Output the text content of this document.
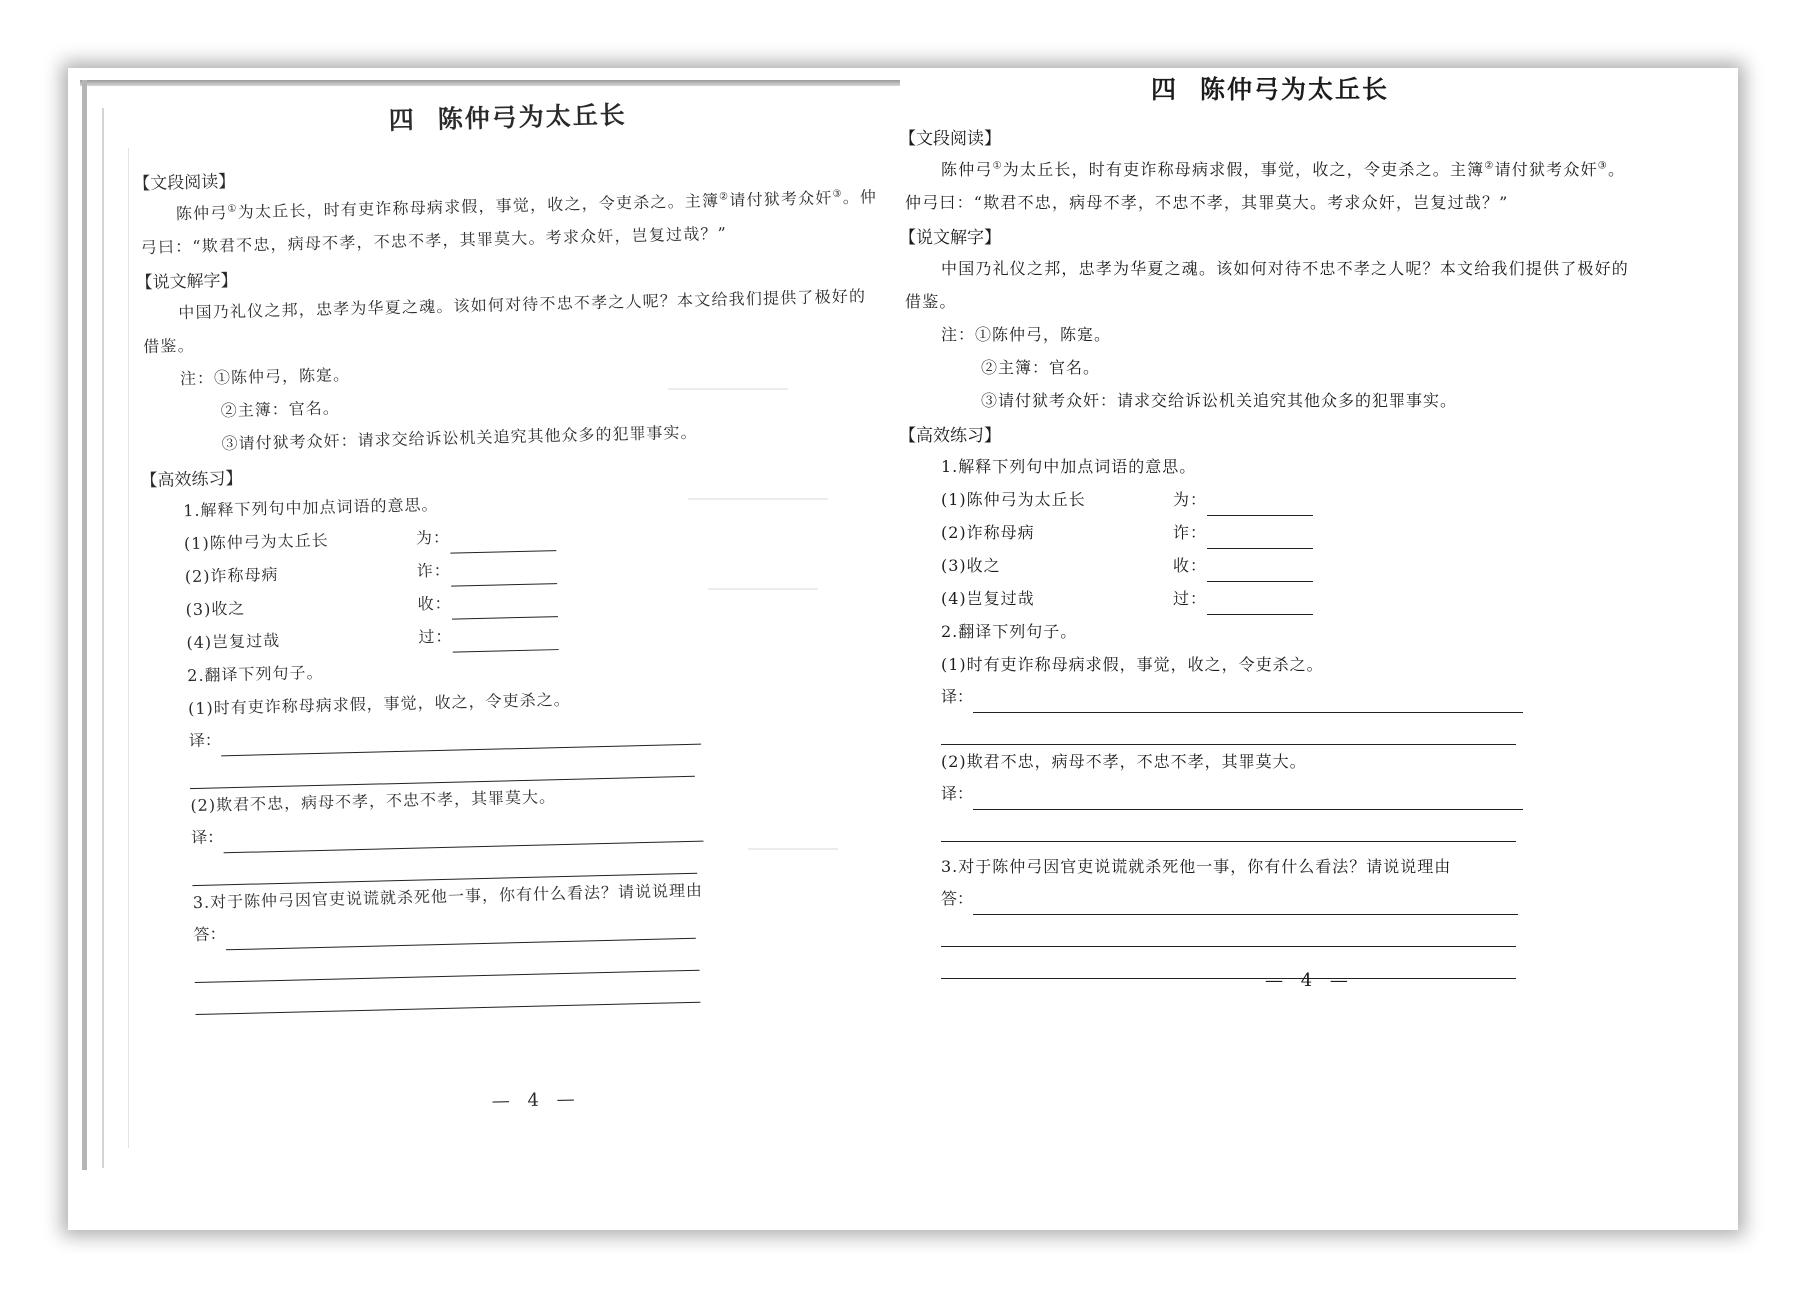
四 陈仲弓为太丘长
【文段阅读】

陈仲弓①为太丘长，时有吏诈称母病求假，事觉，收之，令吏杀之。主簿②请付狱考众奸③。仲弓曰：“欺君不忠，病母不孝，不忠不孝，其罪莫大。考求众奸，岂复过哉？”

【说文解字】

中国乃礼仪之邦，忠孝为华夏之魂。该如何对待不忠不孝之人呢？本文给我们提供了极好的借鉴。

注：①陈仲弓，陈寔。
②主簿：官名。
③请付狱考众奸：请求交给诉讼机关追究其他众多的犯罪事实。
【高效练习】
1.解释下列句中加点词语的意思。
(1)陈仲弓为太丘长	为：
(2)诈称母病	诈：
(3)收之	收：
(4)岂复过哉	过：
2.翻译下列句子。
(1)时有吏诈称母病求假，事觉，收之，令吏杀之。
译：
(2)欺君不忠，病母不孝，不忠不孝，其罪莫大。
译：
3.对于陈仲弓因官吏说谎就杀死他一事，你有什么看法？请说说理由
答：
— 4 —
四 陈仲弓为太丘长
【文段阅读】

陈仲弓①为太丘长，时有吏诈称母病求假，事觉，收之，令吏杀之。主簿②请付狱考众奸③。仲弓曰：“欺君不忠，病母不孝，不忠不孝，其罪莫大。考求众奸，岂复过哉？”

【说文解字】

中国乃礼仪之邦，忠孝为华夏之魂。该如何对待不忠不孝之人呢？本文给我们提供了极好的借鉴。

注：①陈仲弓，陈寔。
②主簿：官名。
③请付狱考众奸：请求交给诉讼机关追究其他众多的犯罪事实。
【高效练习】
1.解释下列句中加点词语的意思。
(1)陈仲弓为太丘长	为：
(2)诈称母病	诈：
(3)收之	收：
(4)岂复过哉	过：
2.翻译下列句子。
(1)时有吏诈称母病求假，事觉，收之，令吏杀之。
译：
(2)欺君不忠，病母不孝，不忠不孝，其罪莫大。
译：
3.对于陈仲弓因官吏说谎就杀死他一事，你有什么看法？请说说理由
答：
— 4 —
